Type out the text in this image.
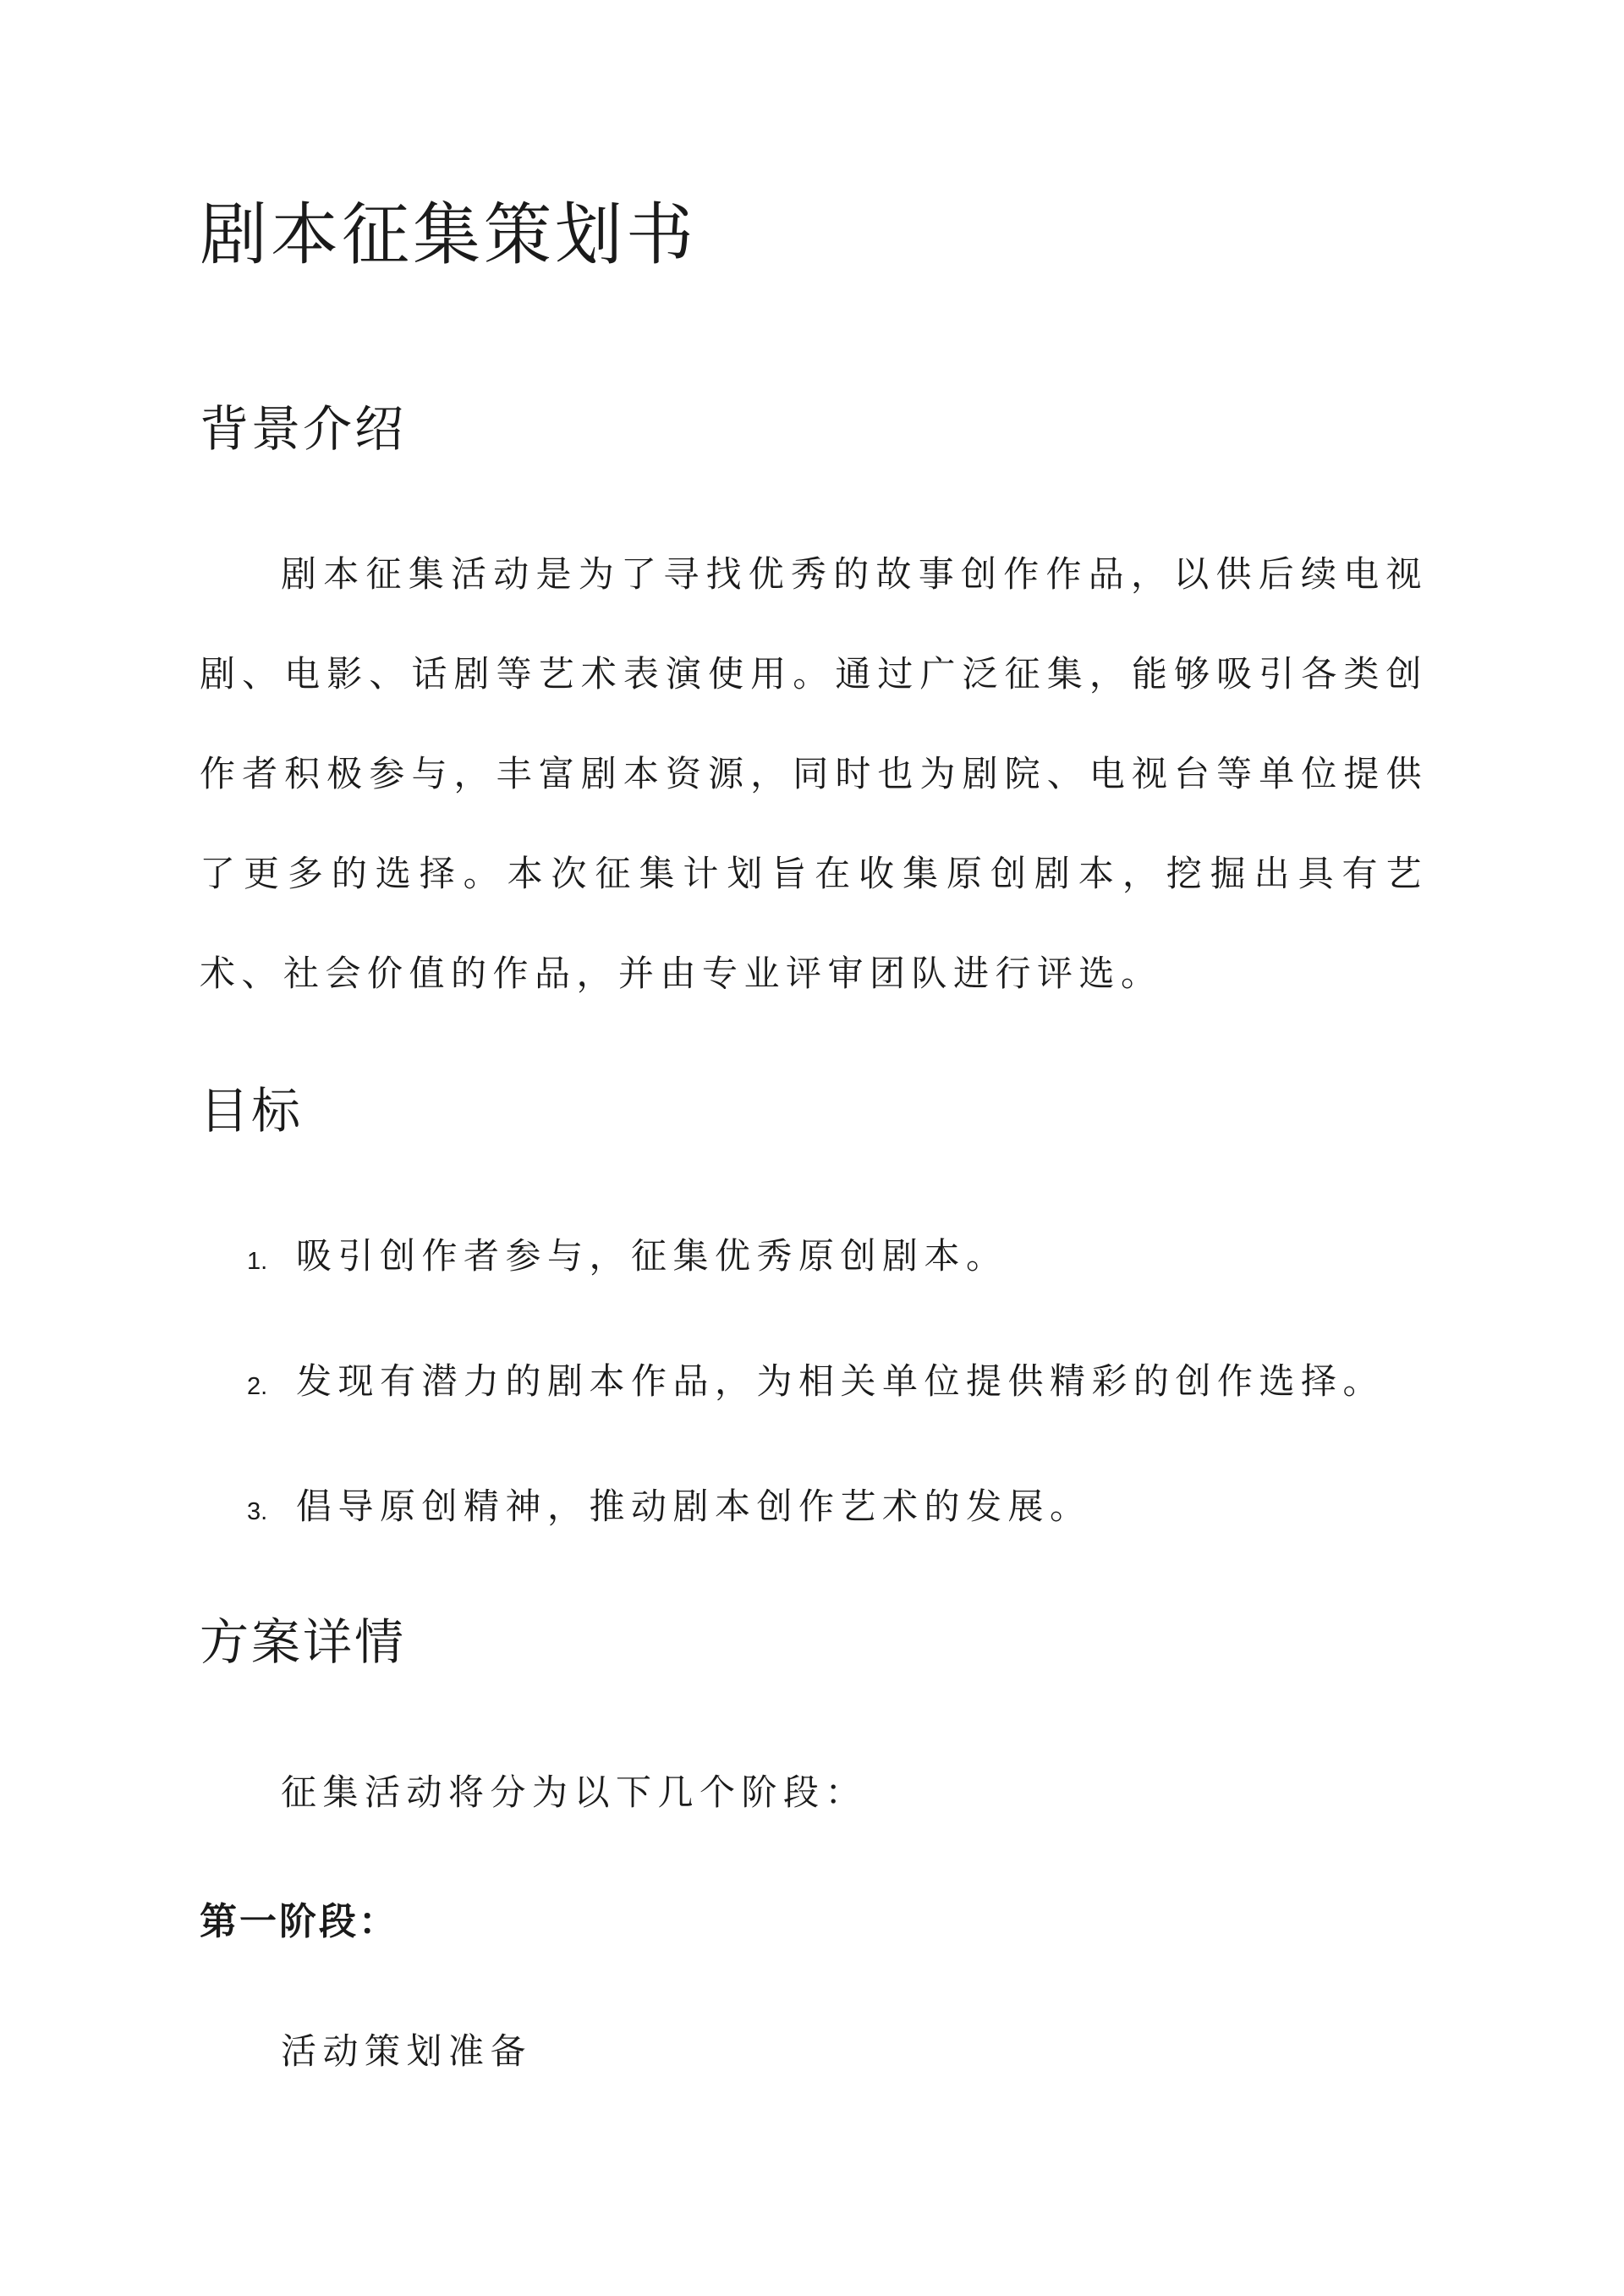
剧本征集策划书
背景介绍

剧本征集活动是为了寻找优秀的故事创作作品，以供后续电视剧、电影、话剧等艺术表演使用。通过广泛征集，能够吸引各类创作者积极参与，丰富剧本资源，同时也为剧院、电视台等单位提供了更多的选择。本次征集计划旨在收集原创剧本，挖掘出具有艺术、社会价值的作品，并由专业评审团队进行评选。

目标
1. 吸引创作者参与，征集优秀原创剧本。
2. 发现有潜力的剧本作品，为相关单位提供精彩的创作选择。
3. 倡导原创精神，推动剧本创作艺术的发展。
方案详情

征集活动将分为以下几个阶段：

第一阶段：

活动策划准备
